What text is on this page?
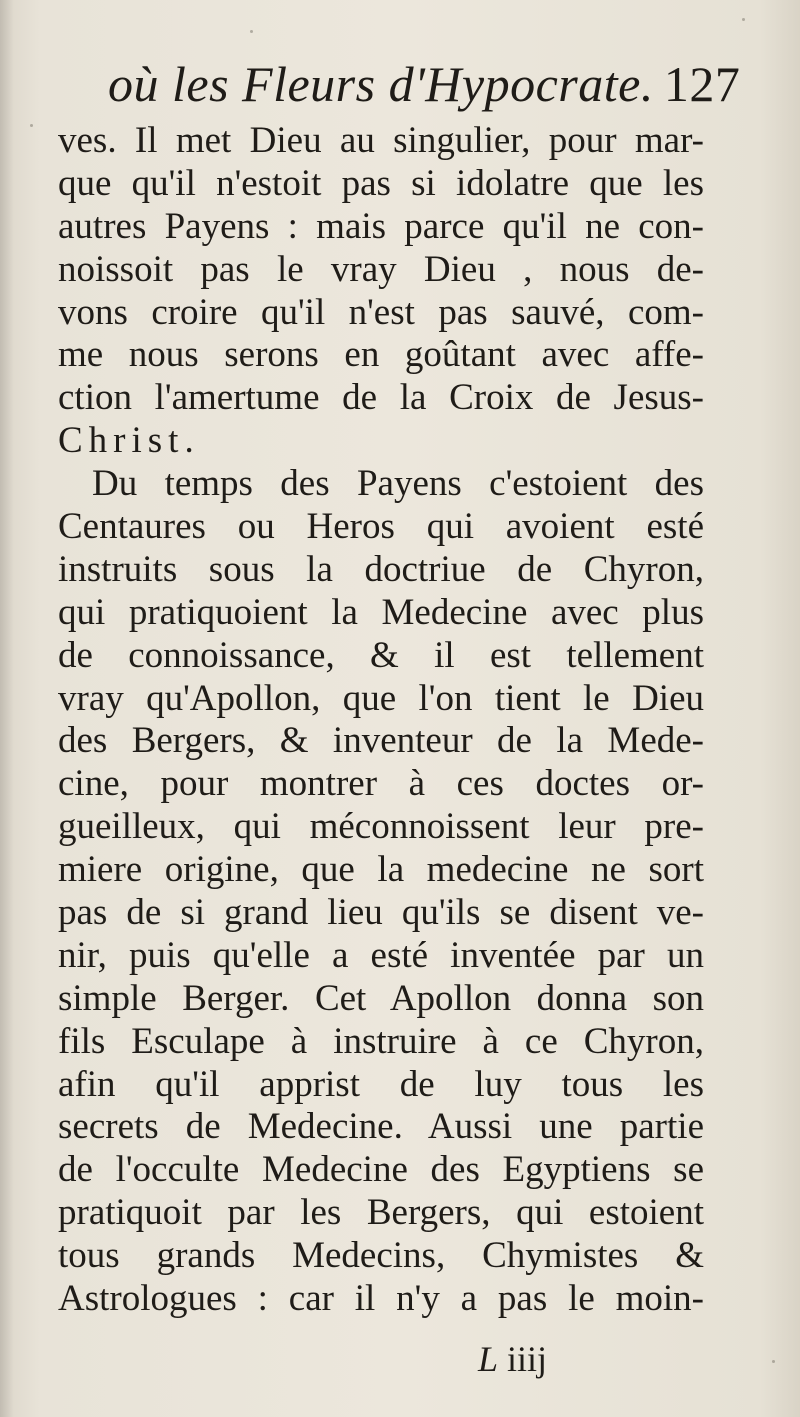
où les Fleurs d'Hypocrate. 127
ves. Il met Dieu au singulier, pour mar-
que qu'il n'estoit pas si idolatre que les
autres Payens : mais parce qu'il ne con-
noissoit pas le vray Dieu , nous de-
vons croire qu'il n'est pas sauvé, com-
me nous serons en goûtant avec affe-
ction l'amertume de la Croix de Jesus-
Christ.
Du temps des Payens c'estoient des
Centaures ou Heros qui avoient esté
instruits sous la doctriue de Chyron,
qui pratiquoient la Medecine avec plus
de connoissance, & il est tellement
vray qu'Apollon, que l'on tient le Dieu
des Bergers, & inventeur de la Mede-
cine, pour montrer à ces doctes or-
gueilleux, qui méconnoissent leur pre-
miere origine, que la medecine ne sort
pas de si grand lieu qu'ils se disent ve-
nir, puis qu'elle a esté inventée par un
simple Berger. Cet Apollon donna son
fils Esculape à instruire à ce Chyron,
afin qu'il apprist de luy tous les
secrets de Medecine. Aussi une partie
de l'occulte Medecine des Egyptiens se
pratiquoit par les Bergers, qui estoient
tous grands Medecins, Chymistes &
Astrologues : car il n'y a pas le moin-
L iiij
